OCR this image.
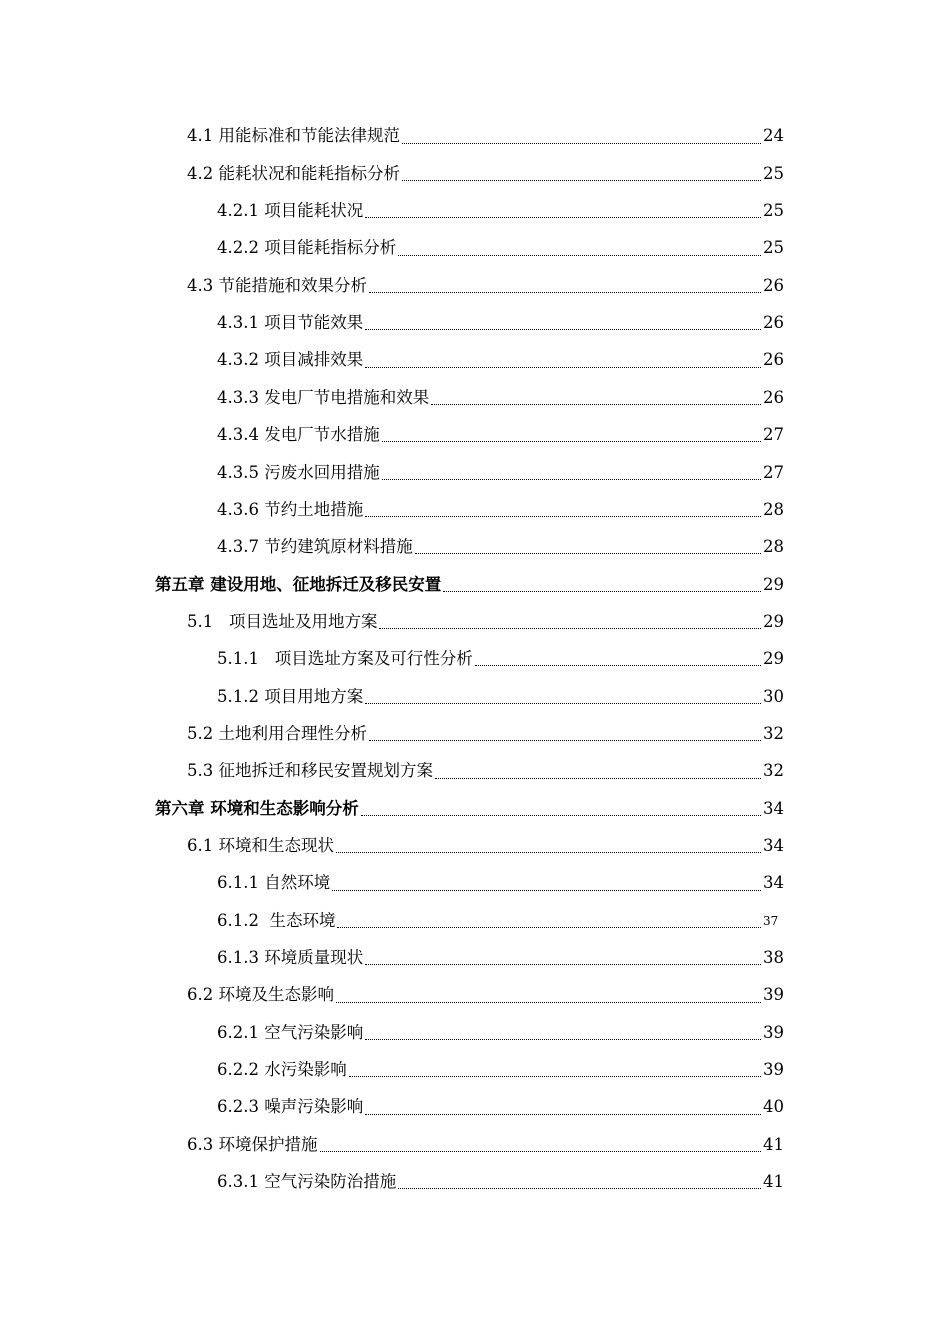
4.1 用能标准和节能法律规范	24
4.2 能耗状况和能耗指标分析	25
4.2.1 项目能耗状况	25
4.2.2 项目能耗指标分析	25
4.3 节能措施和效果分析	26
4.3.1 项目节能效果	26
4.3.2 项目减排效果	26
4.3.3 发电厂节电措施和效果	26
4.3.4 发电厂节水措施	27
4.3.5 污废水回用措施	27
4.3.6 节约土地措施	28
4.3.7 节约建筑原材料措施	28
第五章 建设用地、征地拆迁及移民安置	29
5.1 项目选址及用地方案	29
5.1.1 项目选址方案及可行性分析	29
5.1.2 项目用地方案	30
5.2 土地利用合理性分析	32
5.3 征地拆迁和移民安置规划方案	32
第六章 环境和生态影响分析	34
6.1 环境和生态现状	34
6.1.1 自然环境	34
6.1.2 生态环境	37
6.1.3 环境质量现状	38
6.2 环境及生态影响	39
6.2.1 空气污染影响	39
6.2.2 水污染影响	39
6.2.3 噪声污染影响	40
6.3 环境保护措施	41
6.3.1 空气污染防治措施	41
